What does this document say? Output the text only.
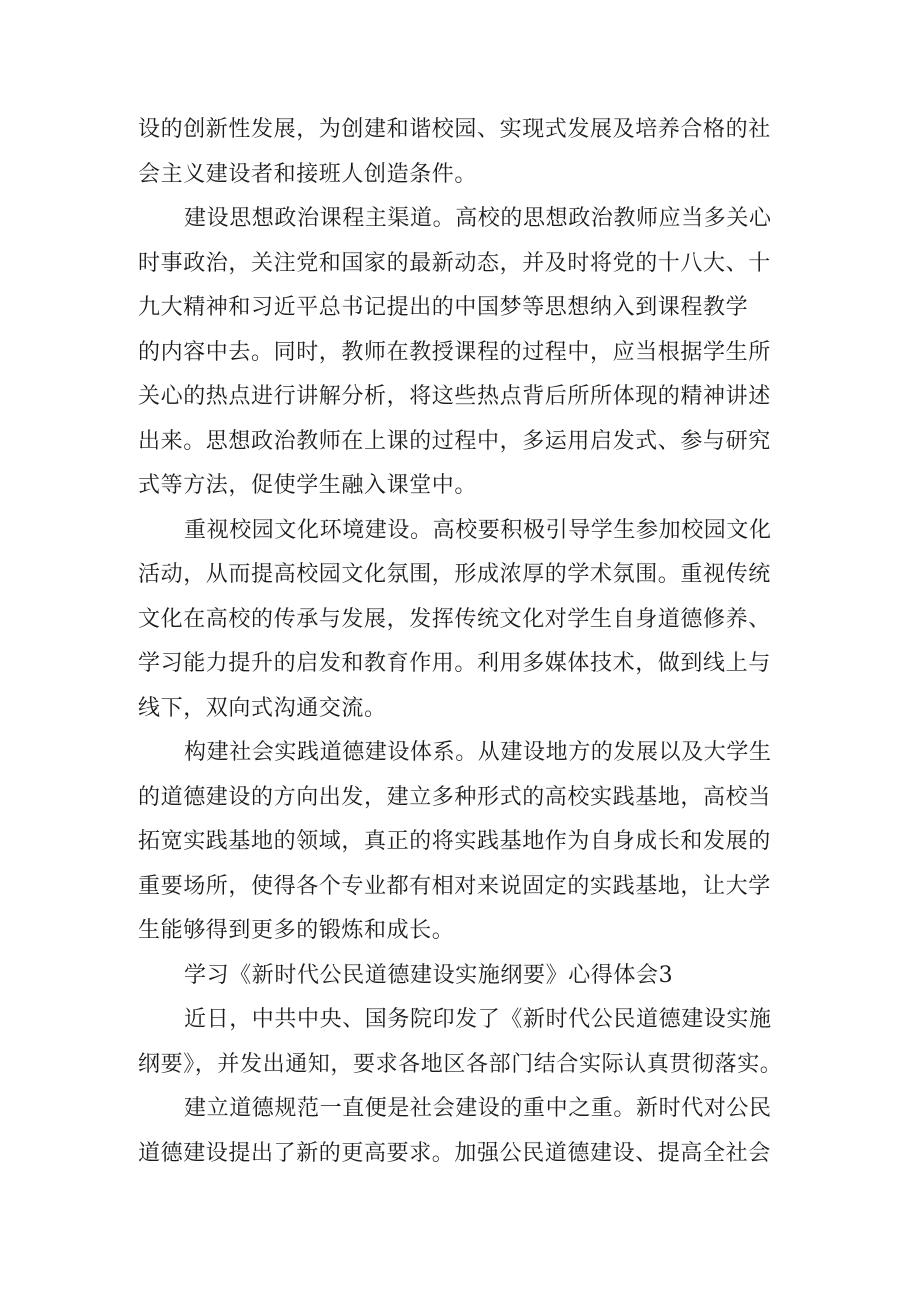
设的创新性发展，为创建和谐校园、实现式发展及培养合格的社
会主义建设者和接班人创造条件。
建设思想政治课程主渠道。高校的思想政治教师应当多关心
时事政治，关注党和国家的最新动态，并及时将党的十八大、十
九大精神和习近平总书记提出的中国梦等思想纳入到课程教学
的内容中去。同时，教师在教授课程的过程中，应当根据学生所
关心的热点进行讲解分析，将这些热点背后所所体现的精神讲述
出来。思想政治教师在上课的过程中，多运用启发式、参与研究
式等方法，促使学生融入课堂中。
重视校园文化环境建设。高校要积极引导学生参加校园文化
活动，从而提高校园文化氛围，形成浓厚的学术氛围。重视传统
文化在高校的传承与发展，发挥传统文化对学生自身道德修养、
学习能力提升的启发和教育作用。利用多媒体技术，做到线上与
线下，双向式沟通交流。
构建社会实践道德建设体系。从建设地方的发展以及大学生
的道德建设的方向出发，建立多种形式的高校实践基地，高校当
拓宽实践基地的领域，真正的将实践基地作为自身成长和发展的
重要场所，使得各个专业都有相对来说固定的实践基地，让大学
生能够得到更多的锻炼和成长。
学习《新时代公民道德建设实施纲要》心得体会3
近日，中共中央、国务院印发了《新时代公民道德建设实施
纲要》，并发出通知，要求各地区各部门结合实际认真贯彻落实。
建立道德规范一直便是社会建设的重中之重。新时代对公民
道德建设提出了新的更高要求。加强公民道德建设、提高全社会
